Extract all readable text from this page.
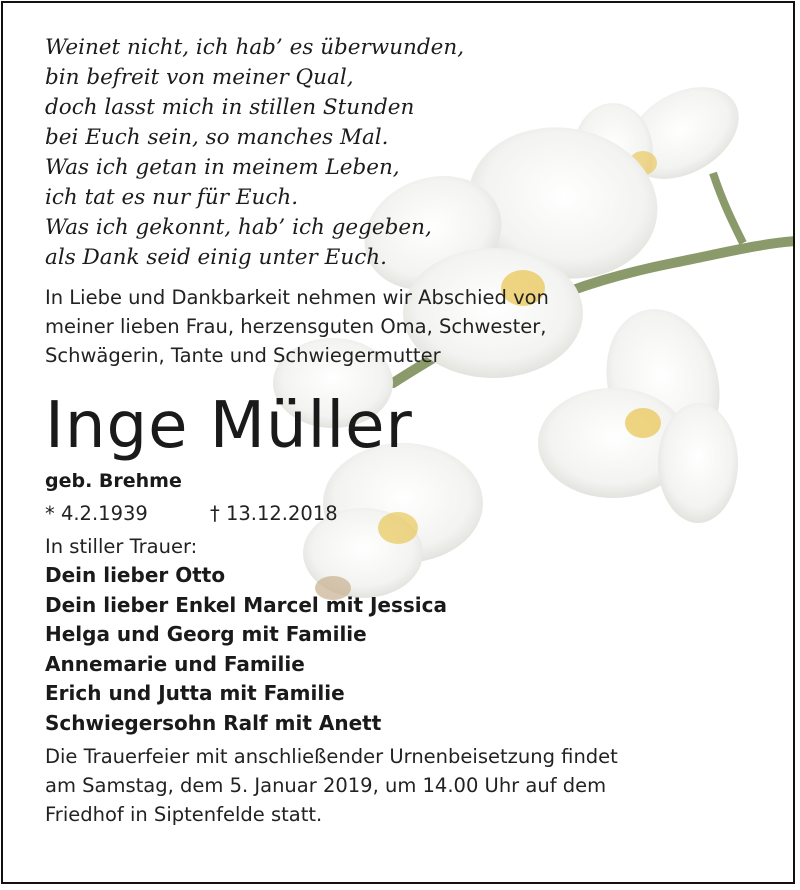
Weinet nicht, ich hab’ es überwunden,
bin befreit von meiner Qual,
doch lasst mich in stillen Stunden
bei Euch sein, so manches Mal.
Was ich getan in meinem Leben,
ich tat es nur für Euch.
Was ich gekonnt, hab’ ich gegeben,
als Dank seid einig unter Euch.
In Liebe und Dankbarkeit nehmen wir Abschied von
meiner lieben Frau, herzensguten Oma, Schwester,
Schwägerin, Tante und Schwiegermutter
Inge Müller
geb. Brehme
* 4.2.1939	† 13.12.2018
In stiller Trauer:
Dein lieber Otto
Dein lieber Enkel Marcel mit Jessica
Helga und Georg mit Familie
Annemarie und Familie
Erich und Jutta mit Familie
Schwiegersohn Ralf mit Anett
Die Trauerfeier mit anschließender Urnenbeisetzung findet
am Samstag, dem 5. Januar 2019, um 14.00 Uhr auf dem
Friedhof in Siptenfelde statt.
